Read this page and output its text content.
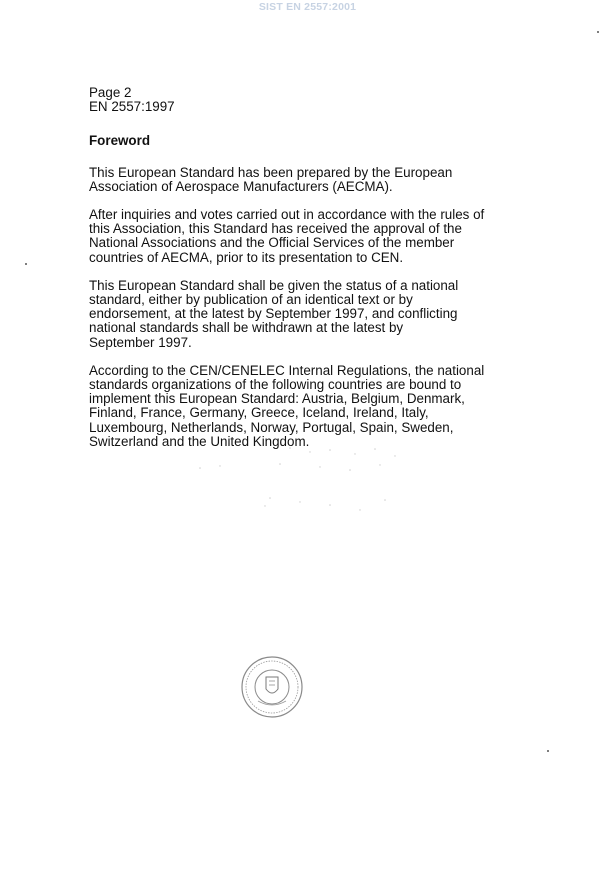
SIST EN 2557:2001

Page 2

EN 2557:1997

Foreword

This European Standard has been prepared by the European
Association of Aerospace Manufacturers (AECMA).

After inquiries and votes carried out in accordance with the rules of
this Association, this Standard has received the approval of the
National Associations and the Official Services of the member
countries of AECMA, prior to its presentation to CEN.

This European Standard shall be given the status of a national
standard, either by publication of an identical text or by
endorsement, at the latest by September 1997, and conflicting
national standards shall be withdrawn at the latest by
September 1997.

According to the CEN/CENELEC Internal Regulations, the national
standards organizations of the following countries are bound to
implement this European Standard: Austria, Belgium, Denmark,
Finland, France, Germany, Greece, Iceland, Ireland, Italy,
Luxembourg, Netherlands, Norway, Portugal, Spain, Sweden,
Switzerland and the United Kingdom.
